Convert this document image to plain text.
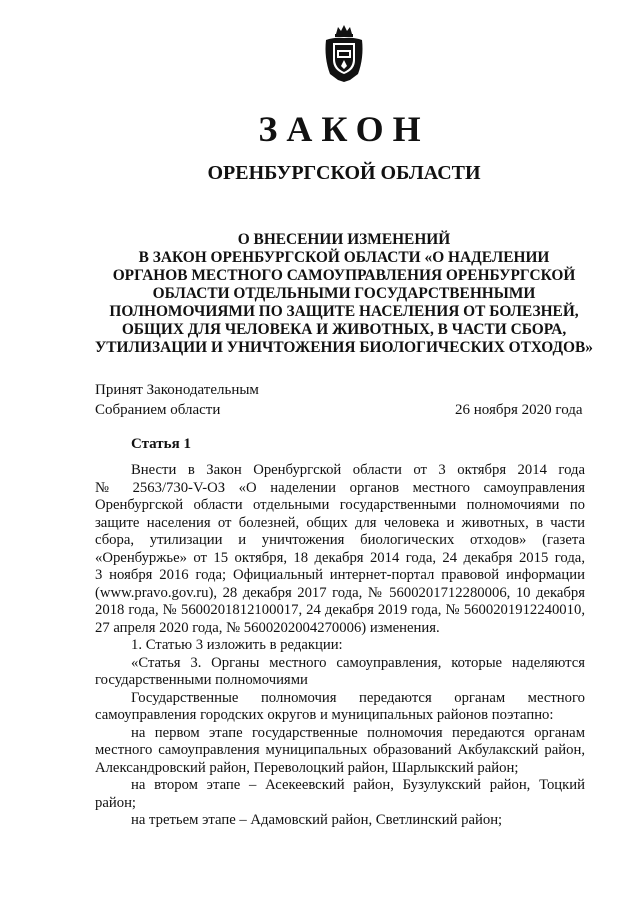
ЗАКОН
ОРЕНБУРГСКОЙ ОБЛАСТИ
О ВНЕСЕНИИ ИЗМЕНЕНИЙ
В ЗАКОН ОРЕНБУРГСКОЙ ОБЛАСТИ «О НАДЕЛЕНИИ
ОРГАНОВ МЕСТНОГО САМОУПРАВЛЕНИЯ ОРЕНБУРГСКОЙ
ОБЛАСТИ ОТДЕЛЬНЫМИ ГОСУДАРСТВЕННЫМИ
ПОЛНОМОЧИЯМИ ПО ЗАЩИТЕ НАСЕЛЕНИЯ ОТ БОЛЕЗНЕЙ,
ОБЩИХ ДЛЯ ЧЕЛОВЕКА И ЖИВОТНЫХ, В ЧАСТИ СБОРА,
УТИЛИЗАЦИИ И УНИЧТОЖЕНИЯ БИОЛОГИЧЕСКИХ ОТХОДОВ»
Принят Законодательным
Собранием области	26 ноября 2020 года
Статья 1
Внести в Закон Оренбургской области от 3 октября 2014 года
№ 2563/730-V-ОЗ «О наделении органов местного самоуправления
Оренбургской области отдельными государственными полномочиями по
защите населения от болезней, общих для человека и животных, в части
сбора, утилизации и уничтожения биологических отходов» (газета
«Оренбуржье» от 15 октября, 18 декабря 2014 года, 24 декабря 2015 года,
3 ноября 2016 года; Официальный интернет-портал правовой информации
(www.pravo.gov.ru), 28 декабря 2017 года, № 5600201712280006, 10 декабря
2018 года, № 5600201812100017, 24 декабря 2019 года, № 5600201912240010,
27 апреля 2020 года, № 5600202004270006) изменения.
1. Статью 3 изложить в редакции:
«Статья 3. Органы местного самоуправления, которые наделяются
государственными полномочиями
Государственные полномочия передаются органам местного
самоуправления городских округов и муниципальных районов поэтапно:
на первом этапе государственные полномочия передаются органам
местного самоуправления муниципальных образований Акбулакский район,
Александровский район, Переволоцкий район, Шарлыкский район;
на втором этапе – Асекеевский район, Бузулукский район, Тоцкий
район;
на третьем этапе – Адамовский район, Светлинский район;
